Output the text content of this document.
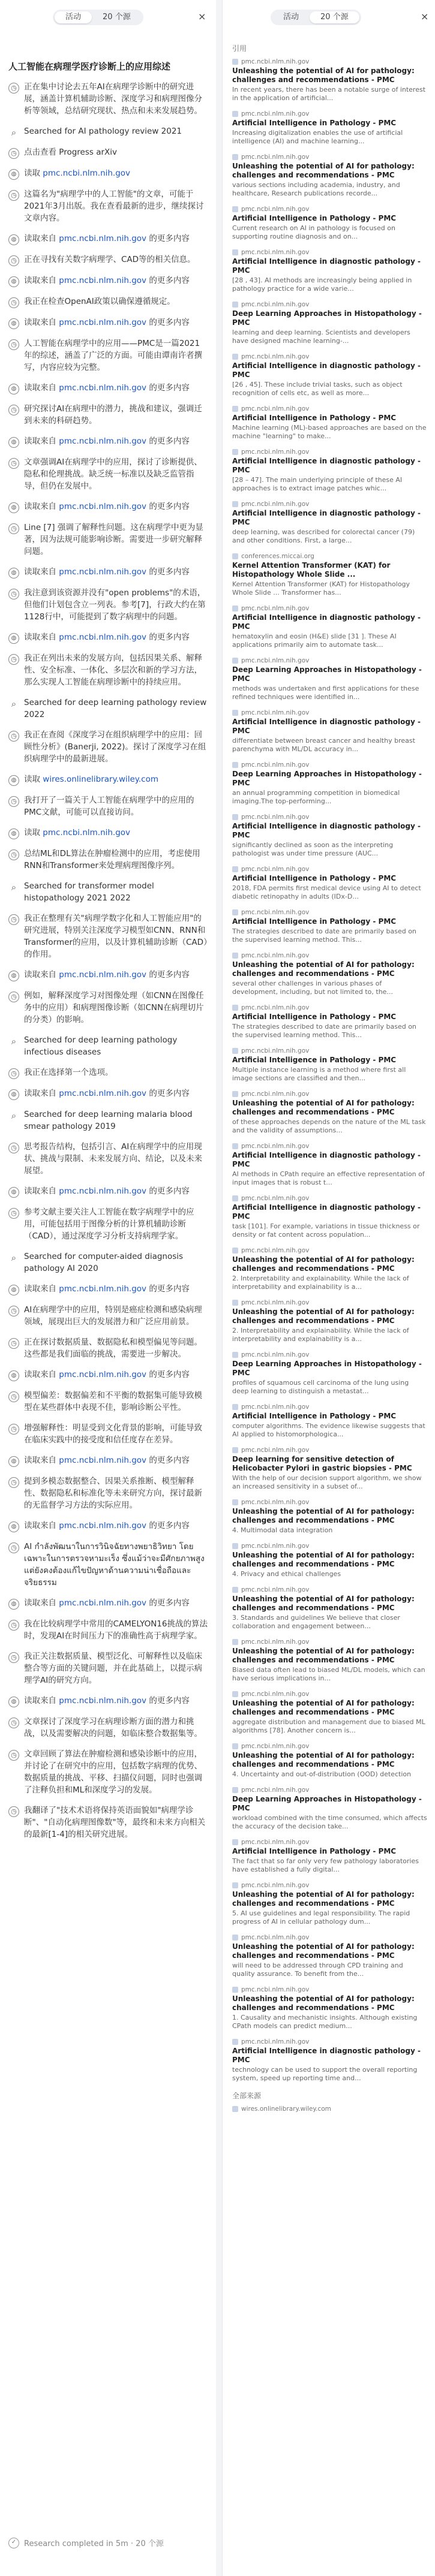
活动	20 个源	×
人工智能在病理学医疗诊断上的应用综述
◷ 正在集中讨论去五年AI在病理学诊断中的研究进展，涵盖计算机辅助诊断、深度学习和病理图像分析等领域，总结研究现状、热点和未来发展趋势。
⌕ Searched for AI pathology review 2021
◷ 点击查看 Progress arXiv
◍ 读取 pmc.ncbi.nlm.nih.gov
◷ 这篇名为"病理学中的人工智能"的文章，可能于2021年3月出版。我在查看最新的进步，继续探讨文章内容。
◍ 读取来自 pmc.ncbi.nlm.nih.gov 的更多内容
◷ 正在寻找有关数字病理学、CAD等的相关信息。
◍ 读取来自 pmc.ncbi.nlm.nih.gov 的更多内容
◷ 我正在检查OpenAI政策以确保遵循规定。
◍ 读取来自 pmc.ncbi.nlm.nih.gov 的更多内容
◷ 人工智能在病理学中的应用——PMC是一篇2021年的综述，涵盖了广泛的方面。可能由谭南许者撰写，内容应较为完整。
◍ 读取来自 pmc.ncbi.nlm.nih.gov 的更多内容
◷ 研究探讨AI在病理中的潜力，挑战和建议，强调迁到未来的科研趋势。
◍ 读取来自 pmc.ncbi.nlm.nih.gov 的更多内容
◷ 文章强调AI在病理学中的应用，探讨了诊断提供、隐私和伦理挑战。缺乏统一标准以及缺乏监管指导，但仍在发展中。
◍ 读取来自 pmc.ncbi.nlm.nih.gov 的更多内容
◷ Line [7] 强调了解释性问题。这在病理学中更为显著，因为法规可能影响诊断。需要进一步研究解释问题。
◍ 读取来自 pmc.ncbi.nlm.nih.gov 的更多内容
◷ 我注意到该资源并没有"open problems"的术语，但他们计划包含立一列表。参考[7]，行政大约在第1128行中，可能提到了数字病理中的问题。
◍ 读取来自 pmc.ncbi.nlm.nih.gov 的更多内容
◷ 我正在列出未来的发展方向，包括因果关系、解释性、安全标准、一体化、多层次和新的学习方法，那么实现人工智能在病理诊断中的持续应用。
⌕ Searched for deep learning pathology review 2022
◷ 我正在查阅《深度学习在组织病理学中的应用：回顾性分析》(Banerji, 2022)。探讨了深度学习在组织病理学中的最新进展。
◍ 读取 wires.onlinelibrary.wiley.com
◷ 我打开了一篇关于人工智能在病理学中的应用的PMC文献，可能可以直接访问。
◍ 读取 pmc.ncbi.nlm.nih.gov
◷ 总结ML和DL算法在肿瘤检测中的应用，考虑使用RNN和Transformer来处理病理图像序列。
⌕ Searched for transformer model histopathology 2021 2022
◷ 我正在整理有关"病理学数字化和人工智能应用"的研究进展，特别关注深度学习模型如CNN、RNN和Transformer的应用，以及计算机辅助诊断（CAD）的作用。
◍ 读取来自 pmc.ncbi.nlm.nih.gov 的更多内容
◷ 例如，解释深度学习对图像处理（如CNN在图像任务中的应用）和病理图像诊断（如CNN在病理切片的分类）的影响。
⌕ Searched for deep learning pathology infectious diseases
◷ 我正在选择第一个选项。
◍ 读取来自 pmc.ncbi.nlm.nih.gov 的更多内容
⌕ Searched for deep learning malaria blood smear pathology 2019
◷ 思考报告结构，包括引言、AI在病理学中的应用现状、挑战与限制、未来发展方向、结论，以及未来展望。
◍ 读取来自 pmc.ncbi.nlm.nih.gov 的更多内容
◷ 参考文献主要关注人工智能在数字病理学中的应用，可能包括用于图像分析的计算机辅助诊断（CAD），通过深度学习分析支持病理学家。
⌕ Searched for computer-aided diagnosis pathology AI 2020
◍ 读取来自 pmc.ncbi.nlm.nih.gov 的更多内容
◷ AI在病理学中的应用，特别是癌症检测和感染病理领域，展现出巨大的发展潜力和广泛应用前景。
◷ 正在探讨数据质量、数据隐私和模型偏见等问题。这些都是我们面临的挑战，需要进一步解决。
◍ 读取来自 pmc.ncbi.nlm.nih.gov 的更多内容
◷ 模型偏差：数据偏差和不平衡的数据集可能导致模型在某些群体中表现不佳，影响诊断公平性。
◷ 增强解释性：明显受到文化背景的影响，可能导致在临床实践中的接受度和信任度存在差异。
◍ 读取来自 pmc.ncbi.nlm.nih.gov 的更多内容
◷ 提到多模态数据整合、因果关系推断、模型解释性、数据隐私和标准化等未来研究方向，探讨最新的无监督学习方法的实际应用。
◍ 读取来自 pmc.ncbi.nlm.nih.gov 的更多内容
◷ AI กำลังพัฒนาในการวินิจฉัยทางพยาธิวิทยา โดยเฉพาะในการตรวจหามะเร็ง ซึ่งแม้ว่าจะมีศักยภาพสูง แต่ยังคงต้องแก้ไขปัญหาด้านความน่าเชื่อถือและจริยธรรม
◍ 读取来自 pmc.ncbi.nlm.nih.gov 的更多内容
◷ 我在比较病理学中常用的CAMELYON16挑战的算法时，发现AI在时间压力下的准确性高于病理学家。
◷ 我正关注数据质量、模型泛化、可解释性以及临床整合等方面的关键问题，并在此基础上，以提示病理学AI的研究方向。
◍ 读取来自 pmc.ncbi.nlm.nih.gov 的更多内容
◷ 文章探讨了深度学习在病理诊断方面的潜力和挑战，以及需要解决的问题，如临床整合数据集等。
◷ 文章回顾了算法在肿瘤检测和感染诊断中的应用，并讨论了在研究中的应用，包括数字病理的优势、数据质量的挑战、平移、扫描仪问题，同时也强调了注释负担和ML和深度学习的发展。
◷ 我翻译了"技术术语将保持英语面貌如"病理学诊断"、"自动化病理图像数"等，最终和未来方向相关的最新[1-4]的相关研究进展。
✓ Research completed in 5m · 20 个源
活动	20 个源	×
引用
pmc.ncbi.nlm.nih.gov
Unleashing the potential of AI for pathology: challenges and recommendations - PMC
In recent years, there has been a notable surge of interest in the application of artificial...
pmc.ncbi.nlm.nih.gov
Artificial Intelligence in Pathology - PMC
Increasing digitalization enables the use of artificial intelligence (AI) and machine learning...
pmc.ncbi.nlm.nih.gov
Unleashing the potential of AI for pathology: challenges and recommendations - PMC
various sections including academia, industry, and healthcare, Research publications recorde...
pmc.ncbi.nlm.nih.gov
Artificial Intelligence in Pathology - PMC
Current research on AI in pathology is focused on supporting routine diagnosis and on...
pmc.ncbi.nlm.nih.gov
Artificial Intelligence in diagnostic pathology - PMC
[28 , 43]. AI methods are increasingly being applied in pathology practice for a wide varie...
pmc.ncbi.nlm.nih.gov
Deep Learning Approaches in Histopathology - PMC
learning and deep learning. Scientists and developers have designed machine learning-...
pmc.ncbi.nlm.nih.gov
Artificial Intelligence in diagnostic pathology - PMC
[26 , 45]. These include trivial tasks, such as object recognition of cells etc, as well as more...
pmc.ncbi.nlm.nih.gov
Artificial Intelligence in Pathology - PMC
Machine learning (ML)-based approaches are based on the machine "learning" to make...
pmc.ncbi.nlm.nih.gov
Artificial Intelligence in diagnostic pathology - PMC
[28 – 47]. The main underlying principle of these AI approaches is to extract image patches whic...
pmc.ncbi.nlm.nih.gov
Artificial Intelligence in diagnostic pathology - PMC
deep learning, was described for colorectal cancer (79) and other conditions. First, a large...
conferences.miccai.org
Kernel Attention Transformer (KAT) for Histopathology Whole Slide ...
Kernel Attention Transformer (KAT) for Histopathology Whole Slide ... Transformer has...
pmc.ncbi.nlm.nih.gov
Artificial Intelligence in diagnostic pathology - PMC
hematoxylin and eosin (H&E) slide [31 ]. These AI applications primarily aim to automate task...
pmc.ncbi.nlm.nih.gov
Deep Learning Approaches in Histopathology - PMC
methods was undertaken and first applications for these refined techniques were identified in...
pmc.ncbi.nlm.nih.gov
Artificial Intelligence in diagnostic pathology - PMC
differentiate between breast cancer and healthy breast parenchyma with ML/DL accuracy in...
pmc.ncbi.nlm.nih.gov
Deep Learning Approaches in Histopathology - PMC
an annual programming competition in biomedical imaging.The top-performing...
pmc.ncbi.nlm.nih.gov
Artificial Intelligence in diagnostic pathology - PMC
significantly declined as soon as the interpreting pathologist was under time pressure (AUC...
pmc.ncbi.nlm.nih.gov
Artificial Intelligence in Pathology - PMC
2018, FDA permits first medical device using AI to detect diabetic retinopathy in adults (IDx-D...
pmc.ncbi.nlm.nih.gov
Artificial Intelligence in Pathology - PMC
The strategies described to date are primarily based on the supervised learning method. This...
pmc.ncbi.nlm.nih.gov
Unleashing the potential of AI for pathology: challenges and recommendations - PMC
several other challenges in various phases of development, including, but not limited to, the...
pmc.ncbi.nlm.nih.gov
Artificial Intelligence in Pathology - PMC
The strategies described to date are primarily based on the supervised learning method. This...
pmc.ncbi.nlm.nih.gov
Artificial Intelligence in Pathology - PMC
Multiple instance learning is a method where first all image sections are classified and then...
pmc.ncbi.nlm.nih.gov
Unleashing the potential of AI for pathology: challenges and recommendations - PMC
of these approaches depends on the nature of the ML task and the validity of assumptions...
pmc.ncbi.nlm.nih.gov
Artificial Intelligence in diagnostic pathology - PMC
AI methods in CPath require an effective representation of input images that is robust t...
pmc.ncbi.nlm.nih.gov
Artificial Intelligence in diagnostic pathology - PMC
task [101]. For example, variations in tissue thickness or density or fat content across population...
pmc.ncbi.nlm.nih.gov
Unleashing the potential of AI for pathology: challenges and recommendations - PMC
2. Interpretability and explainability. While the lack of interpretability and explainability is a...
pmc.ncbi.nlm.nih.gov
Unleashing the potential of AI for pathology: challenges and recommendations - PMC
2. Interpretability and explainability. While the lack of interpretability and explainability is a...
pmc.ncbi.nlm.nih.gov
Deep Learning Approaches in Histopathology - PMC
profiles of squamous cell carcinoma of the lung using deep learning to distinguish a metastat...
pmc.ncbi.nlm.nih.gov
Artificial Intelligence in Pathology - PMC
computer algorithms. The evidence likewise suggests that AI applied to histomorphologica...
pmc.ncbi.nlm.nih.gov
Deep learning for sensitive detection of Helicobacter Pylori in gastric biopsies - PMC
With the help of our decision support algorithm, we show an increased sensitivity in a subset of...
pmc.ncbi.nlm.nih.gov
Unleashing the potential of AI for pathology: challenges and recommendations - PMC
4. Multimodal data integration
pmc.ncbi.nlm.nih.gov
Unleashing the potential of AI for pathology: challenges and recommendations - PMC
4. Privacy and ethical challenges
pmc.ncbi.nlm.nih.gov
Unleashing the potential of AI for pathology: challenges and recommendations - PMC
3. Standards and guidelines We believe that closer collaboration and engagement between...
pmc.ncbi.nlm.nih.gov
Unleashing the potential of AI for pathology: challenges and recommendations - PMC
Biased data often lead to biased ML/DL models, which can have serious implications in...
pmc.ncbi.nlm.nih.gov
Unleashing the potential of AI for pathology: challenges and recommendations - PMC
aggregate distribution and management due to biased ML algorithms [78]. Another concern is...
pmc.ncbi.nlm.nih.gov
Unleashing the potential of AI for pathology: challenges and recommendations - PMC
4. Uncertainty and out-of-distribution (OOD) detection
pmc.ncbi.nlm.nih.gov
Deep Learning Approaches in Histopathology - PMC
workload combined with the time consumed, which affects the accuracy of the decision take...
pmc.ncbi.nlm.nih.gov
Artificial Intelligence in Pathology - PMC
The fact that so far only very few pathology laboratories have established a fully digital...
pmc.ncbi.nlm.nih.gov
Unleashing the potential of AI for pathology: challenges and recommendations - PMC
5. AI use guidelines and legal responsibility. The rapid progress of AI in cellular pathology dum...
pmc.ncbi.nlm.nih.gov
Unleashing the potential of AI for pathology: challenges and recommendations - PMC
will need to be addressed through CPD training and quality assurance. To benefit from the...
pmc.ncbi.nlm.nih.gov
Unleashing the potential of AI for pathology: challenges and recommendations - PMC
1. Causality and mechanistic insights. Although existing CPath models can predict medium...
pmc.ncbi.nlm.nih.gov
Artificial Intelligence in diagnostic pathology - PMC
technology can be used to support the overall reporting system, speed up reporting time and...
全部来源
wires.onlinelibrary.wiley.com
